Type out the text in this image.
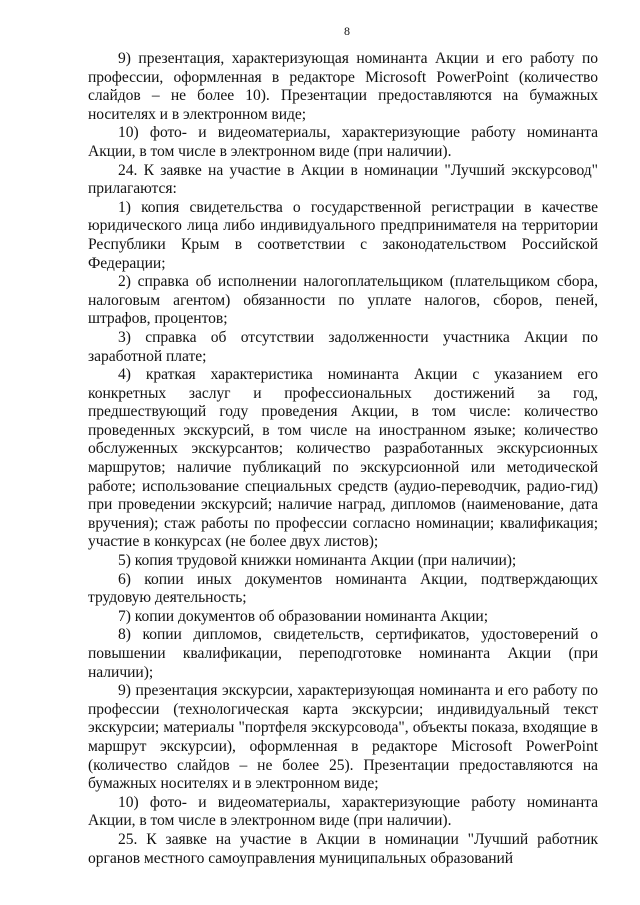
8

9) презентация, характеризующая номинанта Акции и его работу по профессии, оформленная в редакторе Microsoft PowerPoint (количество слайдов – не более 10). Презентации предоставляются на бумажных носителях и в электронном виде;

10) фото- и видеоматериалы, характеризующие работу номинанта Акции, в том числе в электронном виде (при наличии).

24. К заявке на участие в Акции в номинации "Лучший экскурсовод" прилагаются:

1) копия свидетельства о государственной регистрации в качестве юридического лица либо индивидуального предпринимателя на территории Республики Крым в соответствии с законодательством Российской Федерации;

2) справка об исполнении налогоплательщиком (плательщиком сбора, налоговым агентом) обязанности по уплате налогов, сборов, пеней, штрафов, процентов;

3) справка об отсутствии задолженности участника Акции по заработной плате;

4) краткая характеристика номинанта Акции с указанием его конкретных заслуг и профессиональных достижений за год, предшествующий году проведения Акции, в том числе: количество проведенных экскурсий, в том числе на иностранном языке; количество обслуженных экскурсантов; количество разработанных экскурсионных маршрутов; наличие публикаций по экскурсионной или методической работе; использование специальных средств (аудио-переводчик, радио-гид) при проведении экскурсий; наличие наград, дипломов (наименование, дата вручения); стаж работы по профессии согласно номинации; квалификация; участие в конкурсах (не более двух листов);

5) копия трудовой книжки номинанта Акции (при наличии);

6) копии иных документов номинанта Акции, подтверждающих трудовую деятельность;

7) копии документов об образовании номинанта Акции;

8) копии дипломов, свидетельств, сертификатов, удостоверений о повышении квалификации, переподготовке номинанта Акции (при наличии);

9) презентация экскурсии, характеризующая номинанта и его работу по профессии (технологическая карта экскурсии; индивидуальный текст экскурсии; материалы "портфеля экскурсовода", объекты показа, входящие в маршрут экскурсии), оформленная в редакторе Microsoft PowerPoint (количество слайдов – не более 25). Презентации предоставляются на бумажных носителях и в электронном виде;

10) фото- и видеоматериалы, характеризующие работу номинанта Акции, в том числе в электронном виде (при наличии).

25. К заявке на участие в Акции в номинации "Лучший работник органов местного самоуправления муниципальных образований
